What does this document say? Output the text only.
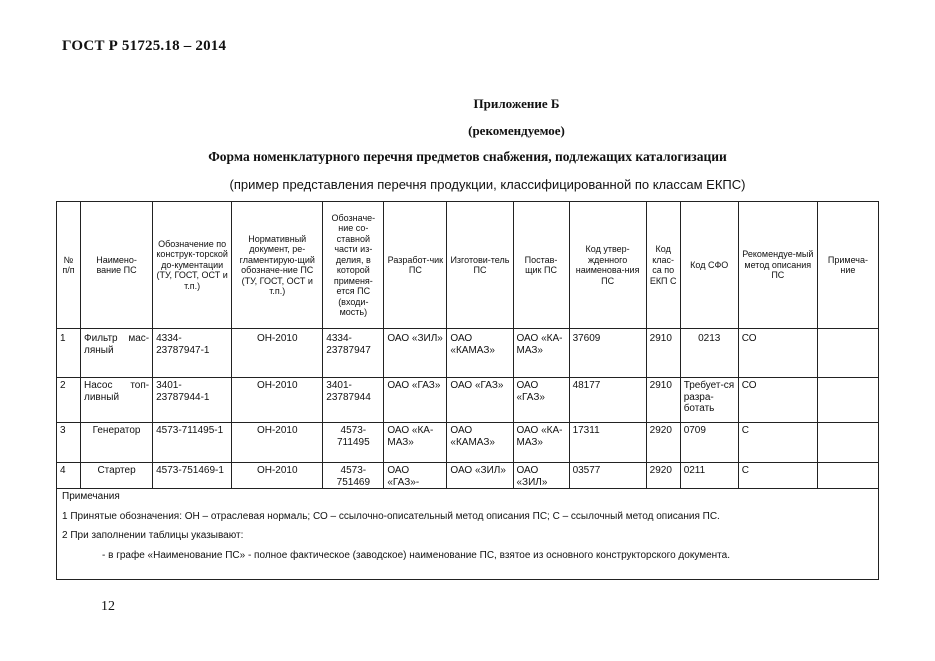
ГОСТ Р 51725.18 – 2014
Приложение Б
(рекомендуемое)
Форма номенклатурного перечня предметов снабжения, подлежащих каталогизации
(пример представления перечня продукции, классифицированной по классам ЕКПС)
№ п/п	Наимено-вание ПС	Обозначение по конструк-торской до-кументации (ТУ, ГОСТ, ОСТ и т.п.)	Нормативный документ, ре-гламентирую-щий обозначе-ние ПС (ТУ, ГОСТ, ОСТ и т.п.)	Обозначе-ние со-ставной части из-делия, в которой применя-ется ПС (входи-мость)	Разработ-чик ПС	Изготови-тель ПС	Постав-щик ПС	Код утвер-жденного наименова-ния ПС	Код клас-са по ЕКП С	Код СФО	Рекомендуе-мый метод описания ПС	Примеча-ние
1	Фильтр мас-ляный	4334-23787947-1	ОН-2010	4334-23787947	ОАО «ЗИЛ»	ОАО «КАМАЗ»	ОАО «КА-МАЗ»	37609	2910	0213	СО	
2	Насос топ-ливный	3401-23787944-1	ОН-2010	3401-23787944	ОАО «ГАЗ»	ОАО «ГАЗ»	ОАО «ГАЗ»	48177	2910	Требует-ся разра-ботать	СО	
3	Генератор	4573-711495-1	ОН-2010	4573-711495	ОАО «КА-МАЗ»	ОАО «КАМАЗ»	ОАО «КА-МАЗ»	17311	2920	0709	С	
4	Стартер	4573-751469-1	ОН-2010	4573-751469	ОАО «ГАЗ»-	ОАО «ЗИЛ»	ОАО «ЗИЛ»	03577	2920	0211	С	

Примечания
1 Принятые обозначения: ОН – отраслевая нормаль; СО – ссылочно-описательный метод описания ПС; С – ссылочный метод описания ПС.
2 При заполнении таблицы указывают:
- в графе «Наименование ПС» - полное фактическое (заводское) наименование ПС, взятое из основного конструкторского документа.												
12
